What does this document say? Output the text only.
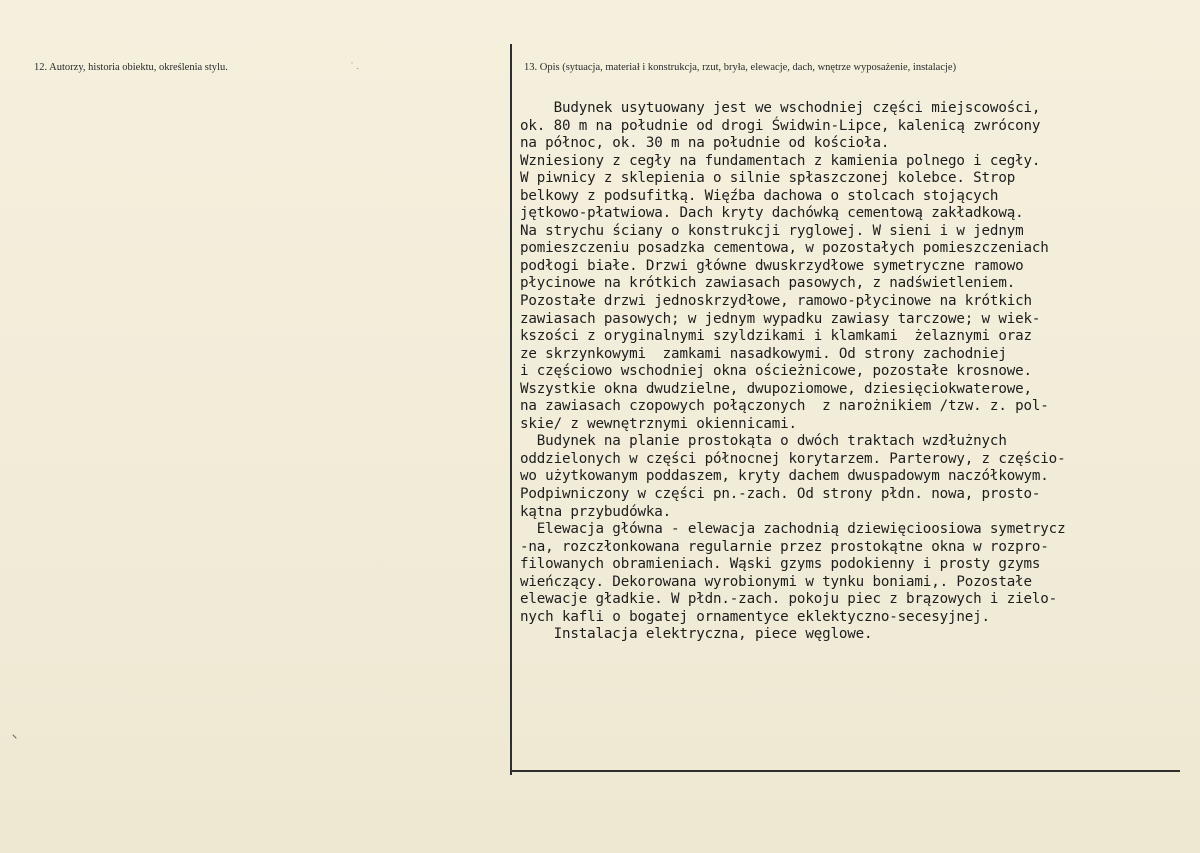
12. Autorzy, historia obiektu, określenia stylu.	˙ .	13. Opis (sytuacja, materiał i konstrukcja, rzut, bryła, elewacje, dach, wnętrze wyposażenie, instalacje)
Budynek usytuowany jest we wschodniej części miejscowości,
ok. 80 m na południe od drogi Świdwin-Lipce, kalenicą zwrócony
na północ, ok. 30 m na południe od kościoła.
Wzniesiony z cegły na fundamentach z kamienia polnego i cegły.
W piwnicy z sklepienia o silnie spłaszczonej kolebce. Strop
belkowy z podsufitką. Więźba dachowa o stolcach stojących
jętkowo-płatwiowa. Dach kryty dachówką cementową zakładkową.
Na strychu ściany o konstrukcji ryglowej. W sieni i w jednym
pomieszczeniu posadzka cementowa, w pozostałych pomieszczeniach
podłogi białe. Drzwi główne dwuskrzydłowe symetryczne ramowo
płycinowe na krótkich zawiasach pasowych, z nadświetleniem.
Pozostałe drzwi jednoskrzydłowe, ramowo-płycinowe na krótkich
zawiasach pasowych; w jednym wypadku zawiasy tarczowe; w wiek-
kszości z oryginalnymi szyldzikami i klamkami  żelaznymi oraz
ze skrzynkowymi  zamkami nasadkowymi. Od strony zachodniej
i częściowo wschodniej okna ościeżnicowe, pozostałe krosnowe.
Wszystkie okna dwudzielne, dwupoziomowe, dziesięciokwaterowe,
na zawiasach czopowych połączonych  z narożnikiem /tzw. z. pol-
skie/ z wewnętrznymi okiennicami.
Budynek na planie prostokąta o dwóch traktach wzdłużnych
oddzielonych w części północnej korytarzem. Parterowy, z częścio-
wo użytkowanym poddaszem, kryty dachem dwuspadowym naczółkowym.
Podpiwniczony w części pn.-zach. Od strony płdn. nowa, prosto-
kątna przybudówka.
Elewacja główna - elewacja zachodnią dziewięcioosiowa symetrycz
-na, rozczłonkowana regularnie przez prostokątne okna w rozpro-
filowanych obramieniach. Wąski gzyms podokienny i prosty gzyms
wieńczący. Dekorowana wyrobionymi w tynku boniami,. Pozostałe
elewacje gładkie. W płdn.-zach. pokoju piec z brązowych i zielo-
nych kafli o bogatej ornamentyce eklektyczno-secesyjnej.
Instalacja elektryczna, piece węglowe.
